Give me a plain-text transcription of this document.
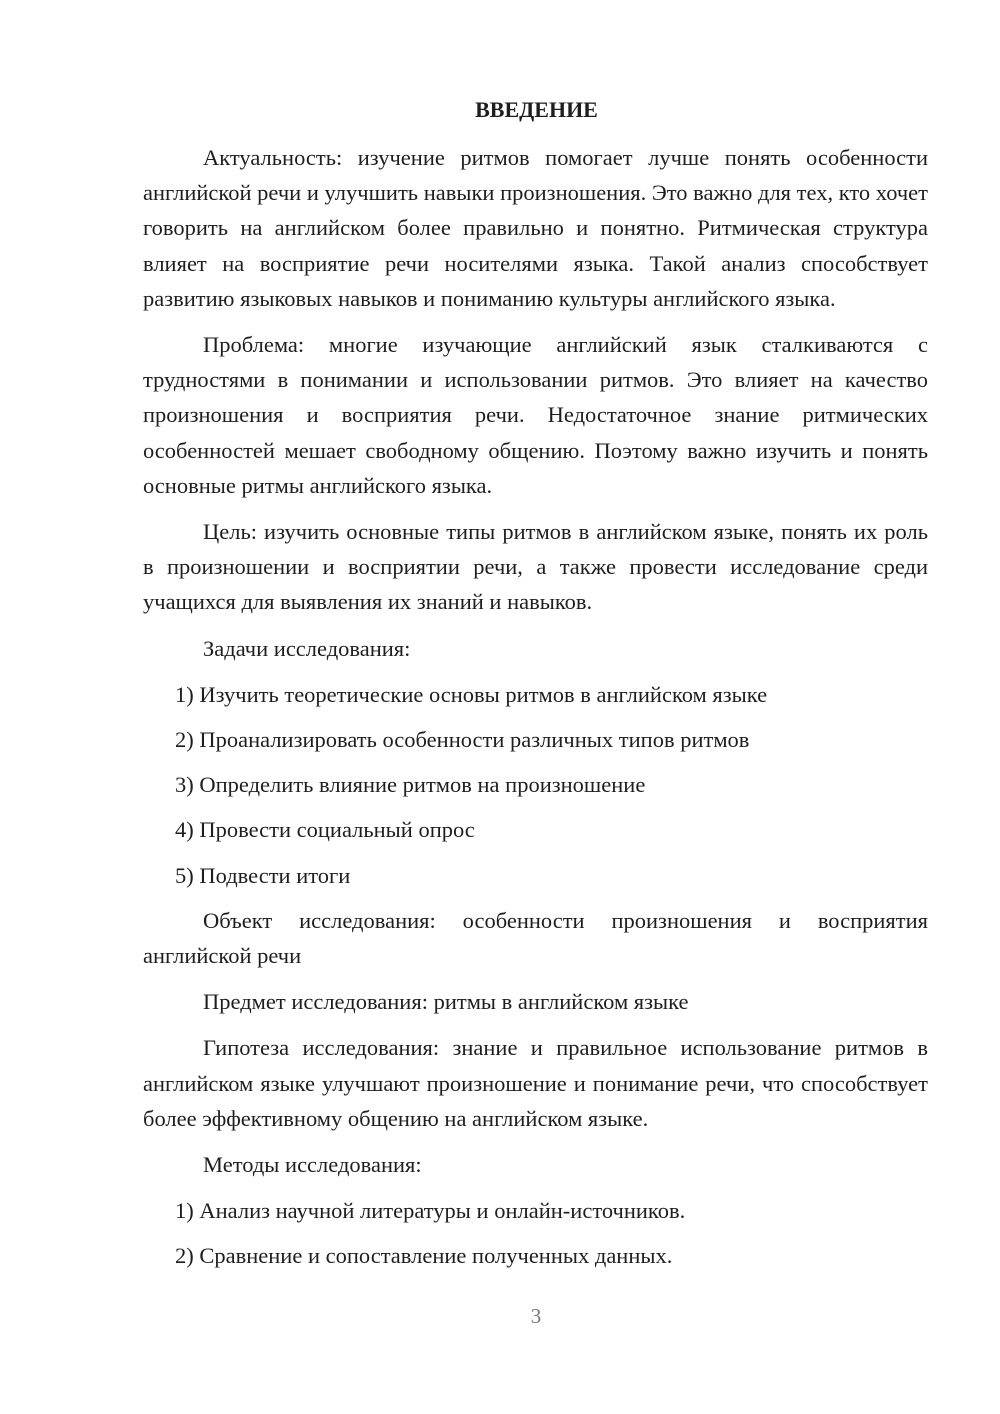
ВВЕДЕНИЕ

Актуальность: изучение ритмов помогает лучше понять особенности английской речи и улучшить навыки произношения. Это важно для тех, кто хочет говорить на английском более правильно и понятно. Ритмическая структура влияет на восприятие речи носителями языка. Такой анализ способствует развитию языковых навыков и пониманию культуры английского языка.

Проблема: многие изучающие английский язык сталкиваются с трудностями в понимании и использовании ритмов. Это влияет на качество произношения и восприятия речи. Недостаточное знание ритмических особенностей мешает свободному общению. Поэтому важно изучить и понять основные ритмы английского языка.

Цель: изучить основные типы ритмов в английском языке, понять их роль в произношении и восприятии речи, а также провести исследование среди учащихся для выявления их знаний и навыков.

Задачи исследования:

1) Изучить теоретические основы ритмов в английском языке

2) Проанализировать особенности различных типов ритмов

3) Определить влияние ритмов на произношение

4) Провести социальный опрос

5) Подвести итоги

Объект исследования: особенности произношения и восприятия английской речи

Предмет исследования: ритмы в английском языке

Гипотеза исследования: знание и правильное использование ритмов в английском языке улучшают произношение и понимание речи, что способствует более эффективному общению на английском языке.

Методы исследования:

1) Анализ научной литературы и онлайн-источников.

2) Сравнение и сопоставление полученных данных.

3
